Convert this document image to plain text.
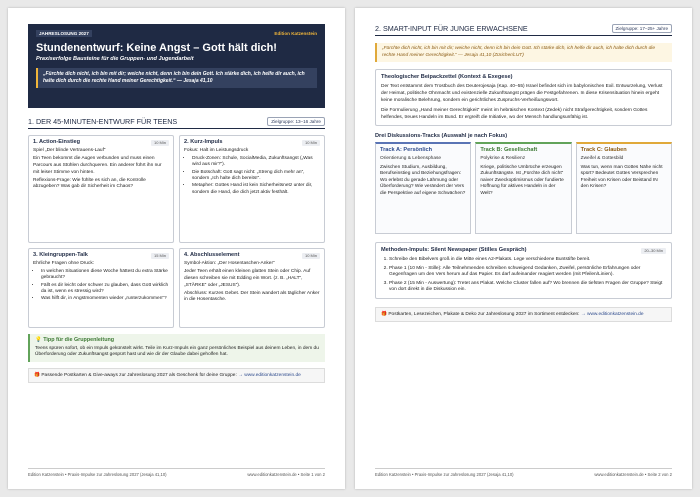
JAHRESLOSUNG 2027	Edition Katzenstein
Stundenentwurf: Keine Angst – Gott hält dich!
Praxiserfolge Bausteine für die Gruppen- und Jugendarbeit
„Fürchte dich nicht, ich bin mit dir; weiche nicht, denn ich bin dein Gott. Ich stärke dich, ich helfe dir auch, ich halte dich durch die rechte Hand meiner Gerechtigkeit.“ — Jesaja 41,10
1. DER 45-MINUTEN-ENTWURF FÜR TEENS	Zielgruppe: 13–16 Jahre
1. Action-Einstieg	10 Min

Spiel „Der blinde Vertrauens-Lauf“

Ein Teen bekommt die Augen verbunden und muss einen Parcours aus Stühlen durchqueren. Ein anderer führt ihn nur mit leiser Stimme von hinten.

Reflexions-Frage: Wie fühlte es sich an, die Kontrolle abzugeben? Was gab dir Sicherheit im Chaos?

2. Kurz-Impuls	10 Min

Fokus: Halt im Leistungsdruck

• Druck-Zonen: Schule, SocialMedia, Zukunftsangst („Was wird aus mir?“).
• Die Botschaft: Gott sagt nicht: „Streng dich mehr an“, sondern „Ich halte dich bereits!“.
• Metapher: Gottes Hand ist kein Sicherheitsnetz unter dir, sondern die Hand, die dich jetzt aktiv festhält.
3. Kleingruppen-Talk	15 Min

Ehrliche Fragen ohne Druck:

• In welchen Situationen diese Woche hättest du extra Stärke gebraucht?
• Fällt es dir leicht oder schwer zu glauben, dass Gott wirklich da ist, wenn es stressig wird?
• Was hilft dir, in Angstmomenten wieder „runterzukommen“?
4. Abschlusselement	10 Min

Symbol-Aktion: „Der Hosentaschen-Anker“

Jeder Teen erhält einen kleinen glatten Stein oder Chip. Auf diesen schreiben sie mit Edding ein Wort. (z. B. „HALT“, „STÄRKE“ oder „JESUS“).

Abschluss: Kurzes Gebet. Der Stein wandert als täglicher Anker in die Hosentasche.

💡 Tipp für die Gruppenleitung
Teens spüren sofort, ob ein Impuls gekünstelt wirkt. Teile im Kurz-Impuls ein ganz persönliches Beispiel aus deinem Leben, in dem du Überforderung oder Zukunftsangst gespürt hast und wie dir der Glaube dabei geholfen hat.
🎁 Passende Postkarten & Give-aways zur Jahreslosung 2027 als Geschenk für deine Gruppe: → www.editionkatzenstein.de
Edition Katzenstein • Praxis-Impulse zur Jahreslosung 2027 (Jesaja 41,10)	www.editionkatzenstein.de • Seite 1 von 2
2. SMART-INPUT FÜR JUNGE ERWACHSENE	Zielgruppe: 17–25+ Jahre
„Fürchte dich nicht, ich bin mit dir; weiche nicht, denn ich bin dein Gott. Ich stärke dich, ich helfe dir auch, ich halte dich durch die rechte Hand meiner Gerechtigkeit.“ — Jesaja 41,10 (Züricher/LUT)
Theologischer Beipackzettel (Kontext & Exegese)

Der Text entstammt dem Trostbuch des Deuterojesaja (Kap. 40–55) Israel befindet sich im babylonischen Exil. Entwurzelung, Verlust der Heimat, politische Ohnmacht und existenzielle Zukunftsangst prägen die Festgefahrenen. In diese Krisensituation hinein ergeht keine moralische Belehrung, sondern ein gerichtliches Zuspruchs-Verheißungswort.

Die Formulierung „Hand meiner Gerechtigkeit“ meint im hebräischen Kontext (Zedek) nicht Strafgerechtigkeit, sondern Gottes helfendes, treues Handeln im Bund. Er ergreift die Initiative, wo der Mensch handlungsunfähig ist.

Drei Diskussions-Tracks (Auswahl je nach Fokus)
Track A: Persönlich
Orientierung & Lebensphase

Zwischen Studium, Ausbildung, Berufseinstieg und Beziehungsfragen: Wo erlebst du gerade Lähmung oder Überforderung? Wie verändert der Vers die Perspektive auf eigene Schwächen?

Track B: Gesellschaft
Polykrise & Resilienz

Kriege, politische Umbrüche erzeugen Zukunftsängste. Ist „Fürchte dich nicht“ naiver Zweckoptimismus oder fundierte Hoffnung für aktives Handeln in der Welt?

Track C: Glauben
Zweifel & Gottesbild

Was tun, wenn man Gottes Nähe nicht spürt? Bedeutet Gottes Versprechen Freiheit von Krisen oder Beistand IN den Krisen?

Methoden-Impuls: Silent Newspaper (Stilles Gespräch)	20–30 Min
1. Schreibe den Bibelvers groß in die Mitte eines A2-Plakats. Lege verschiedene Buntstifte bereit.
2. Phase 1 (10 Min - Stille): Alle Teilnehmenden schreiben schweigend Gedanken, Zweifel, persönliche Erfahrungen oder Gegenfragen um den Vers herum auf das Papier. Es darf aufeinander reagiert werden (mit Pfeilen/Linien).
3. Phase 2 (15 Min - Auswertung): Tretet ans Plakat. Welche Cluster fallen auf? Wo brennen die tiefsten Fragen der Gruppe? Steigt von dort direkt in die Diskussion ein.
🎁 Postkarten, Lesezeichen, Plakate & Deko zur Jahreslosung 2027 im Sortiment entdecken: → www.editionkatzenstein.de
Edition Katzenstein • Praxis-Impulse zur Jahreslosung 2027 (Jesaja 41,10)	www.editionkatzenstein.de • Seite 2 von 2
